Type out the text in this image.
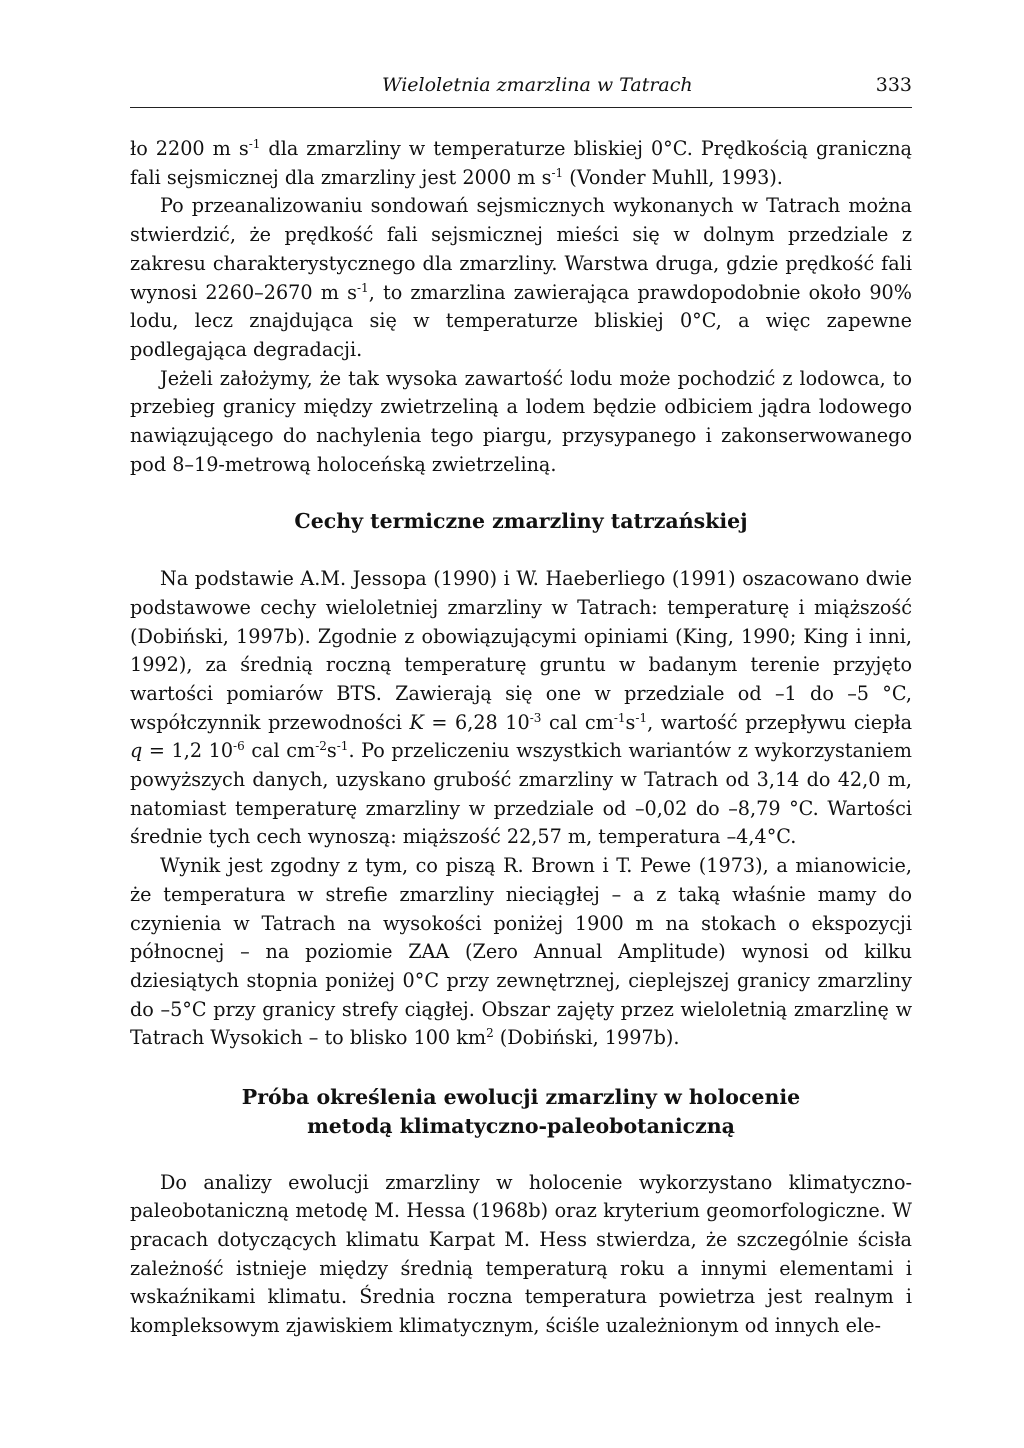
Wieloletnia zmarzlina w Tatrach	333

ło 2200 m $s^{-1}$ dla zmarzliny w temperaturze bliskiej 0°C. Prędkością graniczną fali sejsmicznej dla zmarzliny jest 2000 m $s^{-1}$ (Vonder Muhll, 1993).

Po przeanalizowaniu sondowań sejsmicznych wykonanych w Tatrach można stwierdzić, że prędkość fali sejsmicznej mieści się w dolnym przedziale z zakresu charakterystycznego dla zmarzliny. Warstwa druga, gdzie prędkość fali wynosi 2260–2670 m $s^{-1}$, to zmarzlina zawierająca prawdopodobnie około 90% lodu, lecz znajdująca się w temperaturze bliskiej 0°C, a więc zapewne podlegająca degradacji.

Jeżeli założymy, że tak wysoka zawartość lodu może pochodzić z lodowca, to przebieg granicy między zwietrzeliną a lodem będzie odbiciem jądra lodowego nawiązującego do nachylenia tego piargu, przysypanego i zakonserwowanego pod 8–19-metrową holoceńską zwietrzeliną.

Cechy termiczne zmarzliny tatrzańskiej

Na podstawie A.M. Jessopa (1990) i W. Haeberliego (1991) oszacowano dwie podstawowe cechy wieloletniej zmarzliny w Tatrach: temperaturę i miąższość (Dobiński, 1997b). Zgodnie z obowiązującymi opiniami (King, 1990; King i inni, 1992), za średnią roczną temperaturę gruntu w badanym terenie przyjęto wartości pomiarów BTS. Zawierają się one w przedziale od –1 do –5 °C, współczynnik przewodności K = 6,28 $10^{-3}$ cal $cm^{-1}s^{-1}$, wartość przepływu ciepła q = 1,2 $10^{-6}$ cal $cm^{-2}s^{-1}$. Po przeliczeniu wszystkich wariantów z wykorzystaniem powyższych danych, uzyskano grubość zmarzliny w Tatrach od 3,14 do 42,0 m, natomiast temperaturę zmarzliny w przedziale od –0,02 do –8,79 °C. Wartości średnie tych cech wynoszą: miąższość 22,57 m, temperatura –4,4°C.

Wynik jest zgodny z tym, co piszą R. Brown i T. Pewe (1973), a mianowicie, że temperatura w strefie zmarzliny nieciągłej – a z taką właśnie mamy do czynienia w Tatrach na wysokości poniżej 1900 m na stokach o ekspozycji północnej – na poziomie ZAA (Zero Annual Amplitude) wynosi od kilku dziesiątych stopnia poniżej 0°C przy zewnętrznej, cieplejszej granicy zmarzliny do –5°C przy granicy strefy ciągłej. Obszar zajęty przez wieloletnią zmarzlinę w Tatrach Wysokich – to blisko 100 $km^2$ (Dobiński, 1997b).

Próba określenia ewolucji zmarzliny w holocenie
metodą klimatyczno-paleobotaniczną

Do analizy ewolucji zmarzliny w holocenie wykorzystano klimatyczno-paleobotaniczną metodę M. Hessa (1968b) oraz kryterium geomorfologiczne. W pracach dotyczących klimatu Karpat M. Hess stwierdza, że szczególnie ścisła zależność istnieje między średnią temperaturą roku a innymi elementami i wskaźnikami klimatu. Średnia roczna temperatura powietrza jest realnym i kompleksowym zjawiskiem klimatycznym, ściśle uzależnionym od innych ele-
